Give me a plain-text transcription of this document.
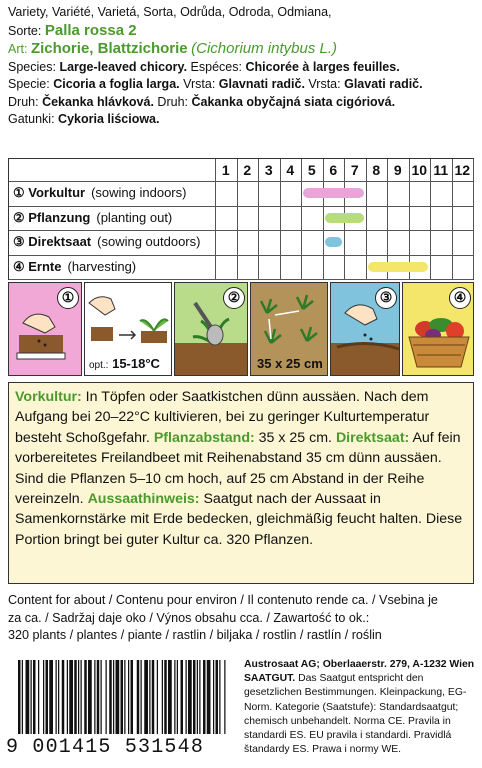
Variety, Variété, Varietá, Sorta, Odrůda, Odroda, Odmiana,
Sorte: Palla rossa 2
Art: Zichorie, Blattzichorie (Cichorium intybus L.)
Species: Large-leaved chicory. Espéces: Chicorée à larges feuilles.
Specie: Cicoria a foglia larga. Vrsta: Glavnati radič. Vrsta: Glavati radič.
Druh: Čekanka hlávková. Druh: Čakanka obyčajná siata cigóriová.
Gatunki: Cykoria liściowa.
1 2 3 4 5 6 7 8 9 10 11 12
① Vorkultur (sowing indoors)
② Pflanzung (planting out)
③ Direktsaat (sowing outdoors)
④ Ernte (harvesting)
①
opt.: 15-18°C
②
35 x 25 cm
③	④
Vorkultur: In Töpfen oder Saatkistchen dünn aussäen. Nach dem Aufgang bei 20–22°C kultivieren, bei zu geringer Kulturtemperatur besteht Schoßgefahr. Pflanzabstand: 35 x 25 cm. Direktsaat: Auf fein vorbereitetes Freilandbeet mit Reihenabstand 35 cm dünn aussäen. Sind die Pflanzen 5–10 cm hoch, auf 25 cm Abstand in der Reihe vereinzeln. Aussaathinweis: Saatgut nach der Aussaat in Samenkornstärke mit Erde bedecken, gleichmäßig feucht halten. Diese Portion bringt bei guter Kultur ca. 320 Pflanzen.
Content for about / Contenu pour environ / Il contenuto rende ca. / Vsebina je
za ca. / Sadržaj daje oko / Výnos obsahu cca. / Zawartość to ok.:
320 plants / plantes / piante / rastlin / biljaka / rostlin / rastlín / roślin
9 001415 531548
Austrosaat AG; Oberlaaerstr. 279, A-1232 Wien
SAATGUT. Das Saatgut entspricht den gesetzlichen Bestimmungen. Kleinpackung, EG-Norm. Kategorie (Saatstufe): Standardsaatgut; chemisch unbehandelt. Norma CE. Pravila in standardi ES. EU pravila i standardi. Pravidlá štandardy ES. Prawa i normy WE.
